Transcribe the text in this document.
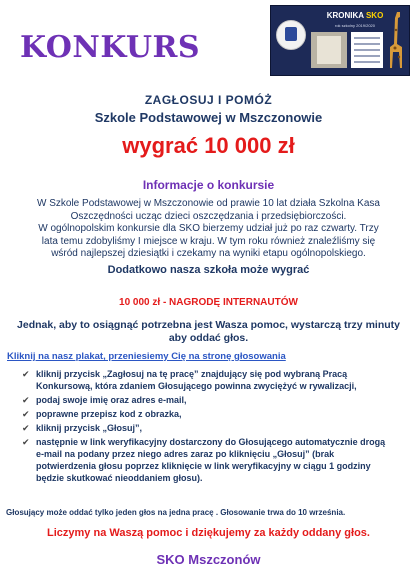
KONKURS
KRONIKA SKO
rok szkolny 2019/2020
ZAGŁOSUJ I POMÓŻ
Szkole Podstawowej w Mszczonowie
wygrać 10 000 zł
Informacje o konkursie
W Szkole Podstawowej w Mszczonowie od prawie 10 lat działa Szkolna Kasa
Oszczędności ucząc dzieci oszczędzania i przedsiębiorczości.
W ogólnopolskim konkursie dla SKO bierzemy udział już po raz czwarty. Trzy
lata temu zdobyliśmy I miejsce w kraju. W tym roku również znaleźliśmy się
wśród najlepszej dziesiątki i czekamy na wyniki etapu ogólnopolskiego.
Dodatkowo nasza szkoła może wygrać
10 000 zł - NAGRODĘ INTERNAUTÓW
Jednak, aby to osiągnąć potrzebna jest Wasza pomoc, wystarczą trzy minuty
aby oddać głos.
Kliknij na nasz plakat, przeniesiemy Cię na stronę głosowania
✔ kliknij przycisk „Zagłosuj na tę pracę” znajdujący się pod wybraną Pracą
Konkursową, która zdaniem Głosującego powinna zwyciężyć w rywalizacji,
✔ podaj swoje imię oraz adres e-mail,
✔ poprawne przepisz kod z obrazka,
✔ kliknij przycisk „Głosuj”,
✔ następnie w link weryfikacyjny dostarczony do Głosującego automatycznie drogą
e-mail na podany przez niego adres zaraz po kliknięciu „Głosuj” (brak
potwierdzenia głosu poprzez kliknięcie w link weryfikacyjny w ciągu 1 godziny
będzie skutkować nieoddaniem głosu).
Głosujący może oddać tylko jeden głos na jedna pracę . Głosowanie trwa do 10 września.
Liczymy na Waszą pomoc i dziękujemy za każdy oddany głos.
SKO Mszczonów
